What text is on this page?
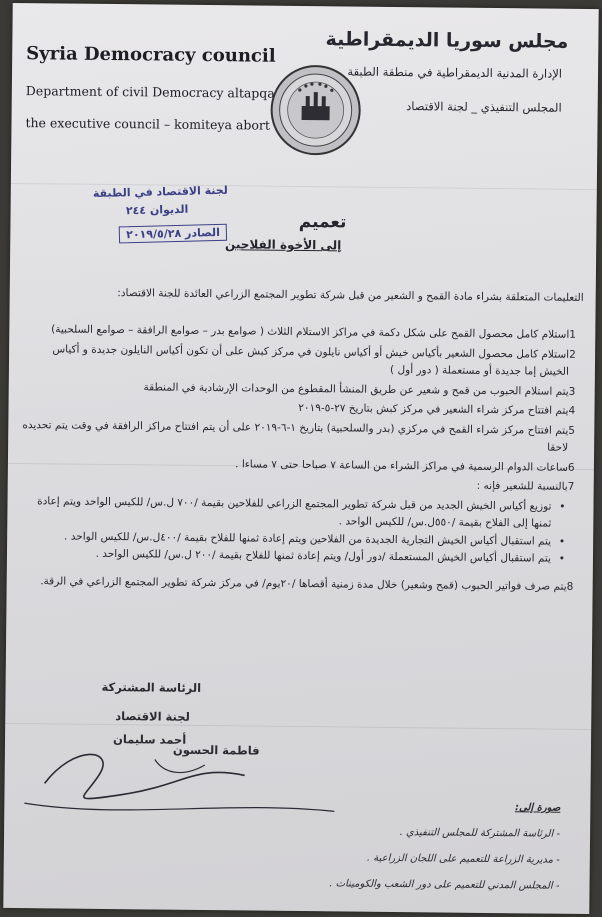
Syria Democracy council
Department of civil Democracy altapqa
the executive council – komiteya abort
مجلس سوريا الديمقراطية
الإدارة المدنية الديمقراطية في منطقة الطبقة
المجلس التنفيذي _ لجنة الاقتصاد
لجنة الاقتصاد في الطبقة
الديوان ٢٤٤
الصادر ٢٠١٩/٥/٢٨
تعميم
إلى الأخوة الفلاحين
التعليمات المتعلقة بشراء مادة القمح و الشعير من قبل شركة تطوير المجتمع الزراعي العائدة للجنة الاقتصاد:
1
استلام كامل محصول القمح على شكل دكمة في مراكز الاستلام الثلاث ( صوامع بدر – صوامع الرافقة – صوامع السلحبية)
2
استلام كامل محصول الشعير بأكياس خيش أو أكياس نايلون في مركز كبش على أن تكون أكياس النايلون جديدة و أكياس الخيش إما جديدة أو مستعملة ( دور أول )
3
يتم استلام الحبوب من قمح و شعير عن طريق المنشأ المقطوع من الوحدات الإرشادية في المنطقة
4
يتم افتتاح مركز شراء الشعير في مركز كبش بتاريخ ٢٧-٥-٢٠١٩
5
يتم افتتاح مركز شراء القمح في مركزي (بدر والسلحبية) بتاريخ ١-٦-٢٠١٩ على أن يتم افتتاح مراكز الرافقة في وقت يتم تحديده لاحقا
6
ساعات الدوام الرسمية في مراكز الشراء من الساعة ٧ صباحا حتى ٧ مساءا .
7
بالنسبة للشعير فإنه :
•
توزيع أكياس الخيش الجديد من قبل شركة تطوير المجتمع الزراعي للفلاحين بقيمة /٧٠٠ ل.س/ للكيس الواحد ويتم إعادة ثمنها إلى الفلاح بقيمة /٥٥٠ل.س/ للكيس الواحد .
•
يتم استقبال أكياس الخيش التجارية الجديدة من الفلاحين ويتم إعادة ثمنها للفلاح بقيمة /٤٠٠ل.س/ للكيس الواحد .
•
يتم استقبال أكياس الخيش المستعملة /دور أول/ ويتم إعادة ثمنها للفلاح بقيمة /٢٠٠ ل.س/ للكيس الواحد .
8
يتم صرف فواتير الحبوب (قمح وشعير) خلال مدة زمنية أقصاها /٢٠يوم/ في مركز شركة تطوير المجتمع الزراعي في الرقة.
الرئاسة المشتركة
لجنة الاقتصاد
فاطمة الحسون
أحمد سليمان
صورة إلى:
- الرئاسة المشتركة للمجلس التنفيذي .
- مديرية الزراعة للتعميم على اللجان الزراعية .
- المجلس المدني للتعميم على دور الشعب والكومينات .
